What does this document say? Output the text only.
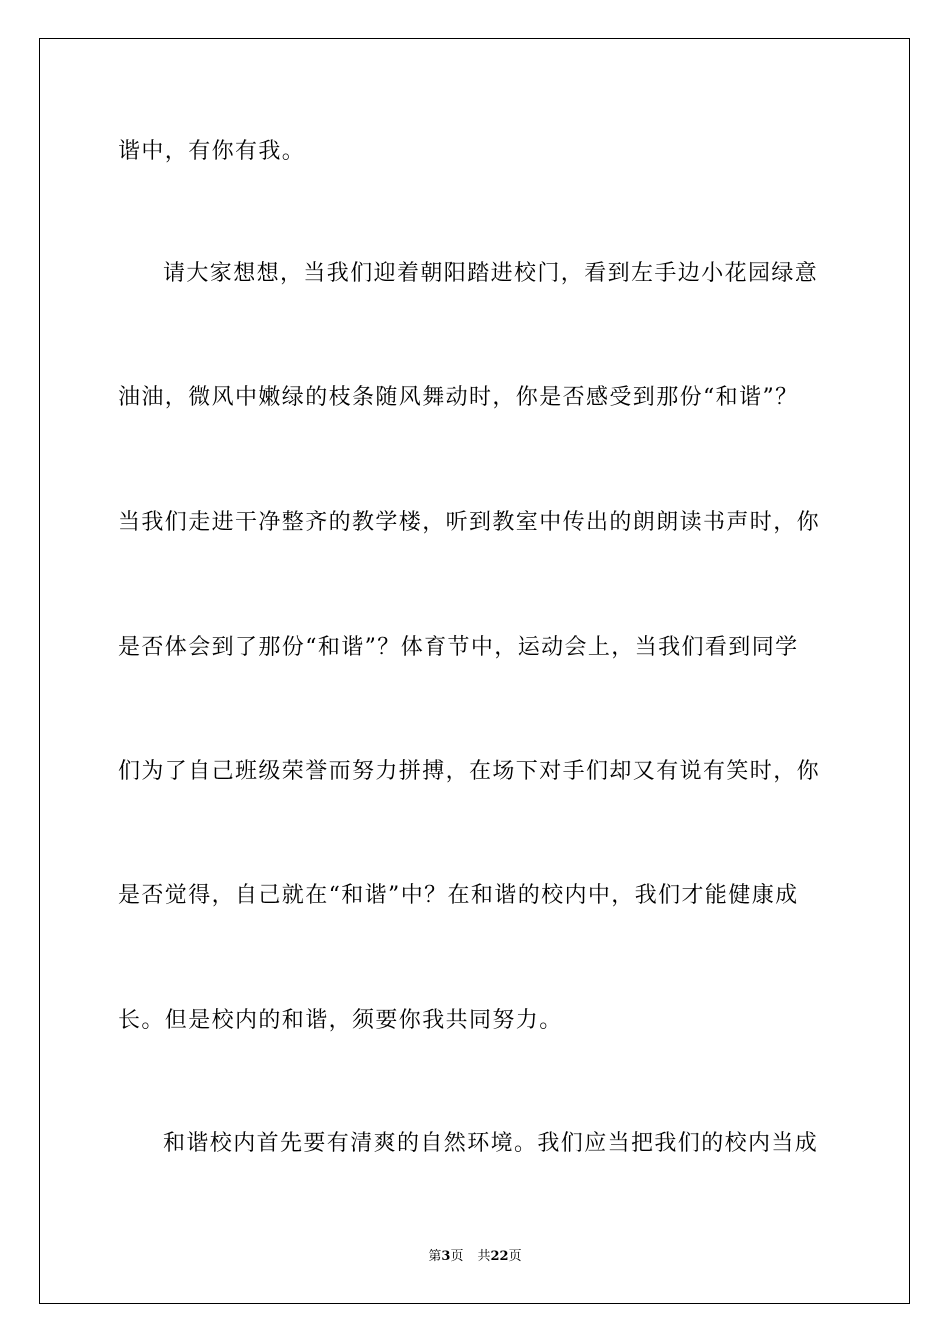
谐中，有你有我。
请大家想想，当我们迎着朝阳踏进校门，看到左手边小花园绿意
油油，微风中嫩绿的枝条随风舞动时，你是否感受到那份“和谐”？
当我们走进干净整齐的教学楼，听到教室中传出的朗朗读书声时，你
是否体会到了那份“和谐”？体育节中，运动会上，当我们看到同学
们为了自己班级荣誉而努力拼搏，在场下对手们却又有说有笑时，你
是否觉得，自己就在“和谐”中？在和谐的校内中，我们才能健康成
长。但是校内的和谐，须要你我共同努力。
和谐校内首先要有清爽的自然环境。我们应当把我们的校内当成
第3页 共22页
